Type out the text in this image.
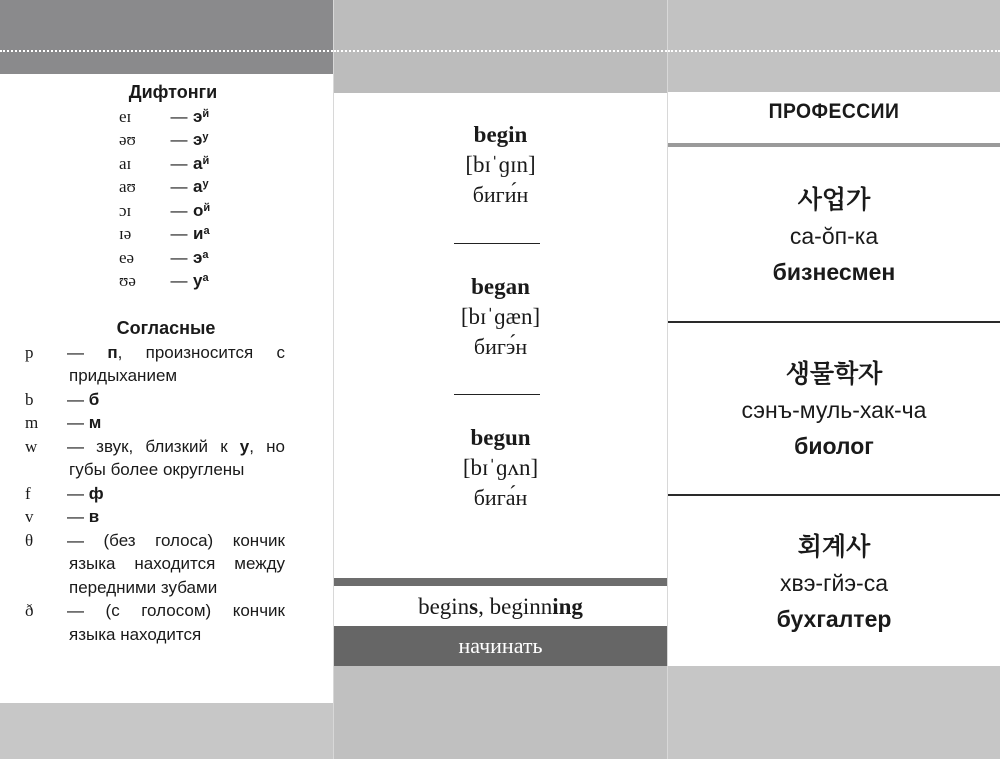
Дифтонги
eɪ	— $э^й$
əʊ	— $э^у$
aɪ	— $а^й$
aʊ	— $а^у$
ɔɪ	— $о^й$
ɪə	— $и^а$
eə	— $э^а$
ʊə	— $у^а$
Согласные
p — п, произносится с придыханием
b — б
m — м
w — звук, близкий к у, но губы более округлены
f — ф
v — в
θ — (без голоса) кончик языка находится между передними зубами
ð — (с голосом) кончик языка находится
begin
[bɪˈɡɪn]
биги́н
began
[bɪˈɡæn]
бигэ́н
begun
[bɪˈɡʌn]
бига́н
begins, beginning
начинать
ПРОФЕССИИ
사업가
са-ŏп-ка
бизнесмен
생물학자
сэнъ-муль-хак-ча
биолог
회계사
хвэ-гйэ-са
бухгалтер
